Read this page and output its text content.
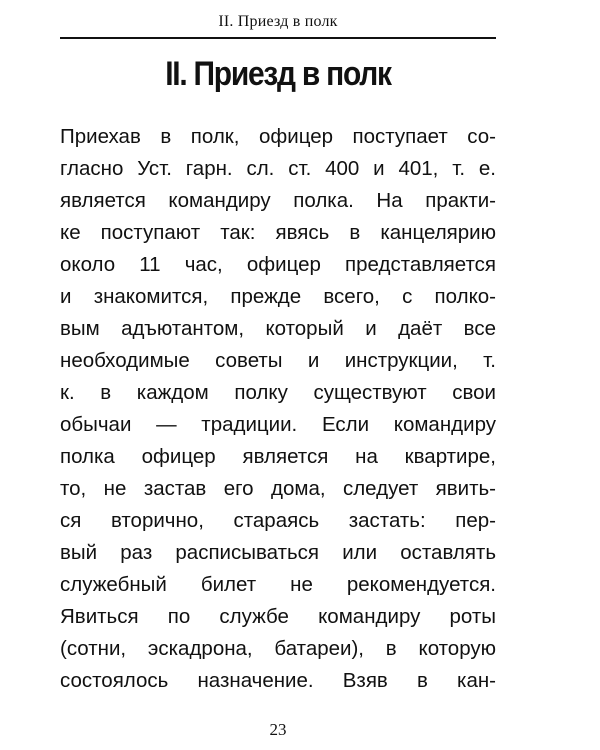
II. Приезд в полк
II. Приезд в полк
Приехав в полк, офицер поступает со-
гласно Уст. гарн. сл. ст. 400 и 401, т. е.
является командиру полка. На практи-
ке поступают так: явясь в канцелярию
около 11 час, офицер представляется
и знакомится, прежде всего, с полко-
вым адъютантом, который и даёт все
необходимые советы и инструкции, т.
к. в каждом полку существуют свои
обычаи — традиции. Если командиру
полка офицер является на квартире,
то, не застав его дома, следует явить-
ся вторично, стараясь застать: пер-
вый раз расписываться или оставлять
служебный билет не рекомендуется.
Явиться по службе командиру роты
(сотни, эскадрона, батареи), в которую
состоялось назначение. Взяв в кан-
23
